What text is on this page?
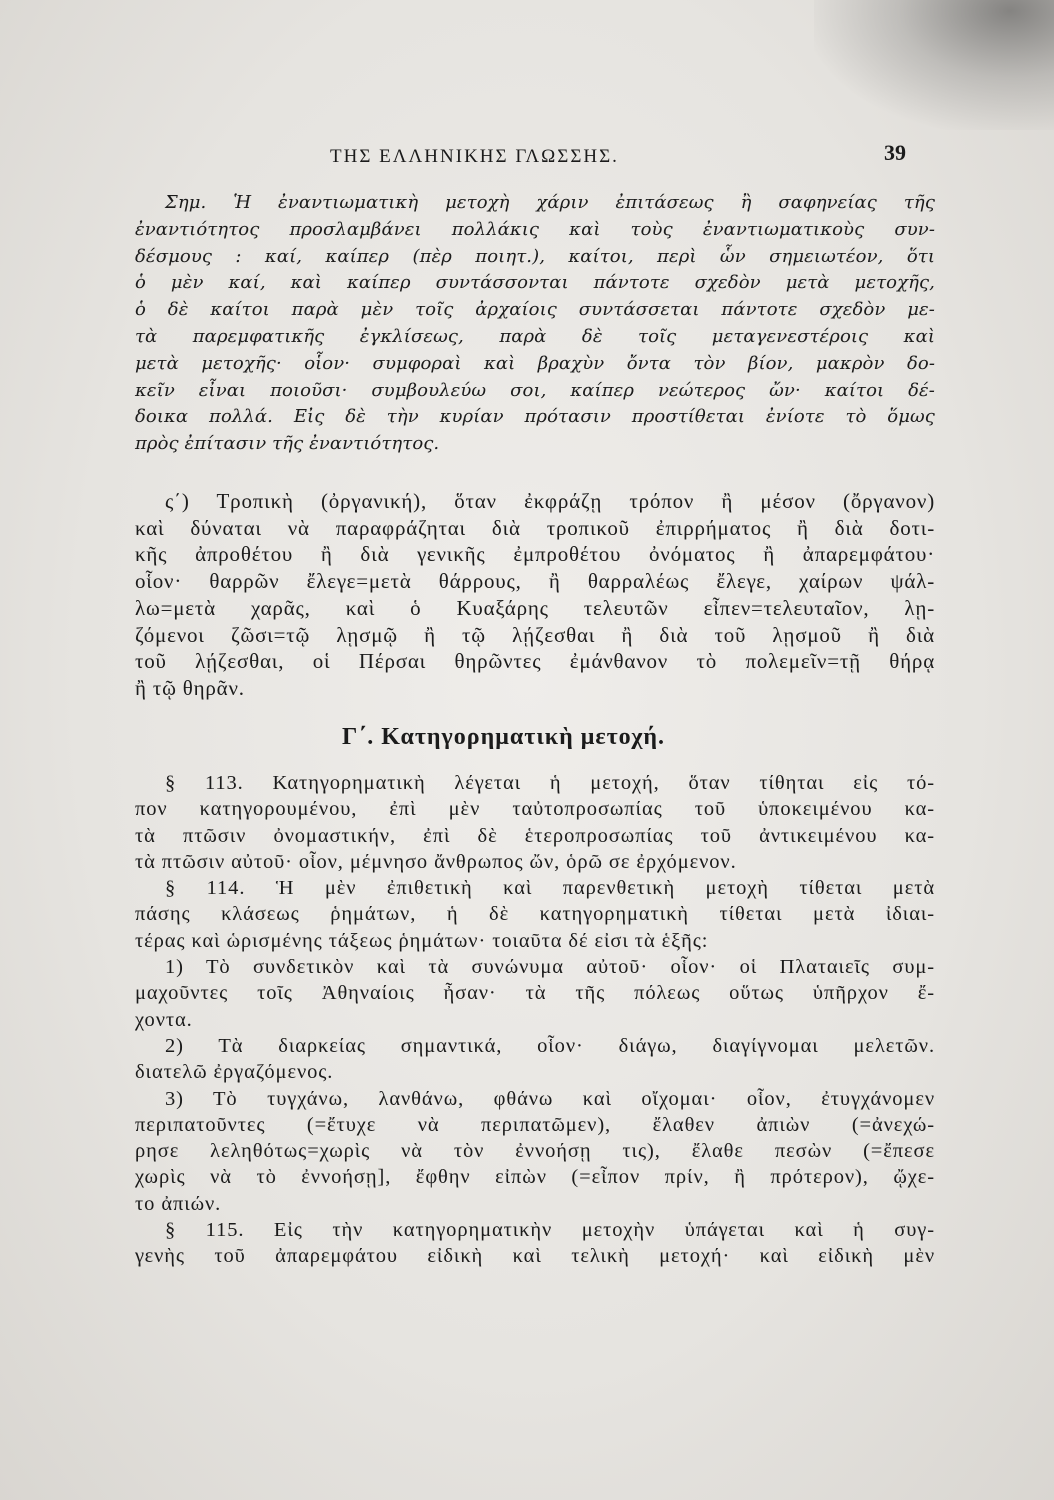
ΤΗΣ ΕΛΛΗΝΙΚΗΣ ΓΛΩΣΣΗΣ.	39
Σημ. Ἡ ἐναντιωματικὴ μετοχὴ χάριν ἐπιτάσεως ἢ σαφηνείας τῆς
ἐναντιότητος προσλαμβάνει πολλάκις καὶ τοὺς ἐναντιωματικοὺς συν-
δέσμους : καί, καίπερ (πὲρ ποιητ.), καίτοι, περὶ ὧν σημειωτέον, ὅτι
ὁ μὲν καί, καὶ καίπερ συντάσσονται πάντοτε σχεδὸν μετὰ μετοχῆς,
ὁ δὲ καίτοι παρὰ μὲν τοῖς ἀρχαίοις συντάσσεται πάντοτε σχεδὸν με-
τὰ παρεμφατικῆς ἐγκλίσεως, παρὰ δὲ τοῖς μεταγενεστέροις καὶ
μετὰ μετοχῆς· οἷον· συμφοραὶ καὶ βραχὺν ὄντα τὸν βίον, μακρὸν δο-
κεῖν εἶναι ποιοῦσι· συμβουλεύω σοι, καίπερ νεώτερος ὤν· καίτοι δέ-
δοικα πολλά. Εἰς δὲ τὴν κυρίαν πρότασιν προστίθεται ἐνίοτε τὸ ὅμως
πρὸς ἐπίτασιν τῆς ἐναντιότητος.
ς΄) Τροπικὴ (ὀργανική), ὅταν ἐκφράζῃ τρόπον ἢ μέσον (ὄργανον)
καὶ δύναται νὰ παραφράζηται διὰ τροπικοῦ ἐπιρρήματος ἢ διὰ δοτι-
κῆς ἀπροθέτου ἢ διὰ γενικῆς ἐμπροθέτου ὀνόματος ἢ ἀπαρεμφάτου·
οἷον· θαρρῶν ἔλεγε=μετὰ θάρρους, ἢ θαρραλέως ἔλεγε, χαίρων ψάλ-
λω=μετὰ χαρᾶς, καὶ ὁ Κυαξάρης τελευτῶν εἶπεν=τελευταῖον, λῃ-
ζόμενοι ζῶσι=τῷ λῃσμῷ ἢ τῷ λῄζεσθαι ἢ διὰ τοῦ λῃσμοῦ ἢ διὰ
τοῦ λῄζεσθαι, οἱ Πέρσαι θηρῶντες ἐμάνθανον τὸ πολεμεῖν=τῇ θήρᾳ
ἢ τῷ θηρᾶν.
Γ΄. Κατηγορηματικὴ μετοχή.
§ 113. Κατηγορηματικὴ λέγεται ἡ μετοχή, ὅταν τίθηται εἰς τό-
πον κατηγορουμένου, ἐπὶ μὲν ταὐτοπροσωπίας τοῦ ὑποκειμένου κα-
τὰ πτῶσιν ὀνομαστικήν, ἐπὶ δὲ ἑτεροπροσωπίας τοῦ ἀντικειμένου κα-
τὰ πτῶσιν αὐτοῦ· οἷον, μέμνησο ἄνθρωπος ὤν, ὁρῶ σε ἐρχόμενον.
§ 114. Ἡ μὲν ἐπιθετικὴ καὶ παρενθετικὴ μετοχὴ τίθεται μετὰ
πάσης κλάσεως ῥημάτων, ἡ δὲ κατηγορηματικὴ τίθεται μετὰ ἰδιαι-
τέρας καὶ ὡρισμένης τάξεως ῥημάτων· τοιαῦτα δέ εἰσι τὰ ἑξῆς:
1) Τὸ συνδετικὸν καὶ τὰ συνώνυμα αὐτοῦ· οἷον· οἱ Πλαταιεῖς συμ-
μαχοῦντες τοῖς Ἀθηναίοις ἦσαν· τὰ τῆς πόλεως οὕτως ὑπῆρχον ἔ-
χοντα.
2) Τὰ διαρκείας σημαντικά, οἷον· διάγω, διαγίγνομαι μελετῶν.
διατελῶ ἐργαζόμενος.
3) Τὸ τυγχάνω, λανθάνω, φθάνω καὶ οἴχομαι· οἷον, ἐτυγχάνομεν
περιπατοῦντες (=ἔτυχε νὰ περιπατῶμεν), ἔλαθεν ἀπιὼν (=ἀνεχώ-
ρησε λεληθότως=χωρὶς νὰ τὸν ἐννοήσῃ τις), ἔλαθε πεσὼν (=ἔπεσε
χωρὶς νὰ τὸ ἐννοήσῃ], ἔφθην εἰπὼν (=εἶπον πρίν, ἢ πρότερον), ᾤχε-
το ἀπιών.
§ 115. Εἰς τὴν κατηγορηματικὴν μετοχὴν ὑπάγεται καὶ ἡ συγ-
γενὴς τοῦ ἀπαρεμφάτου εἰδικὴ καὶ τελικὴ μετοχή· καὶ εἰδικὴ μὲν
